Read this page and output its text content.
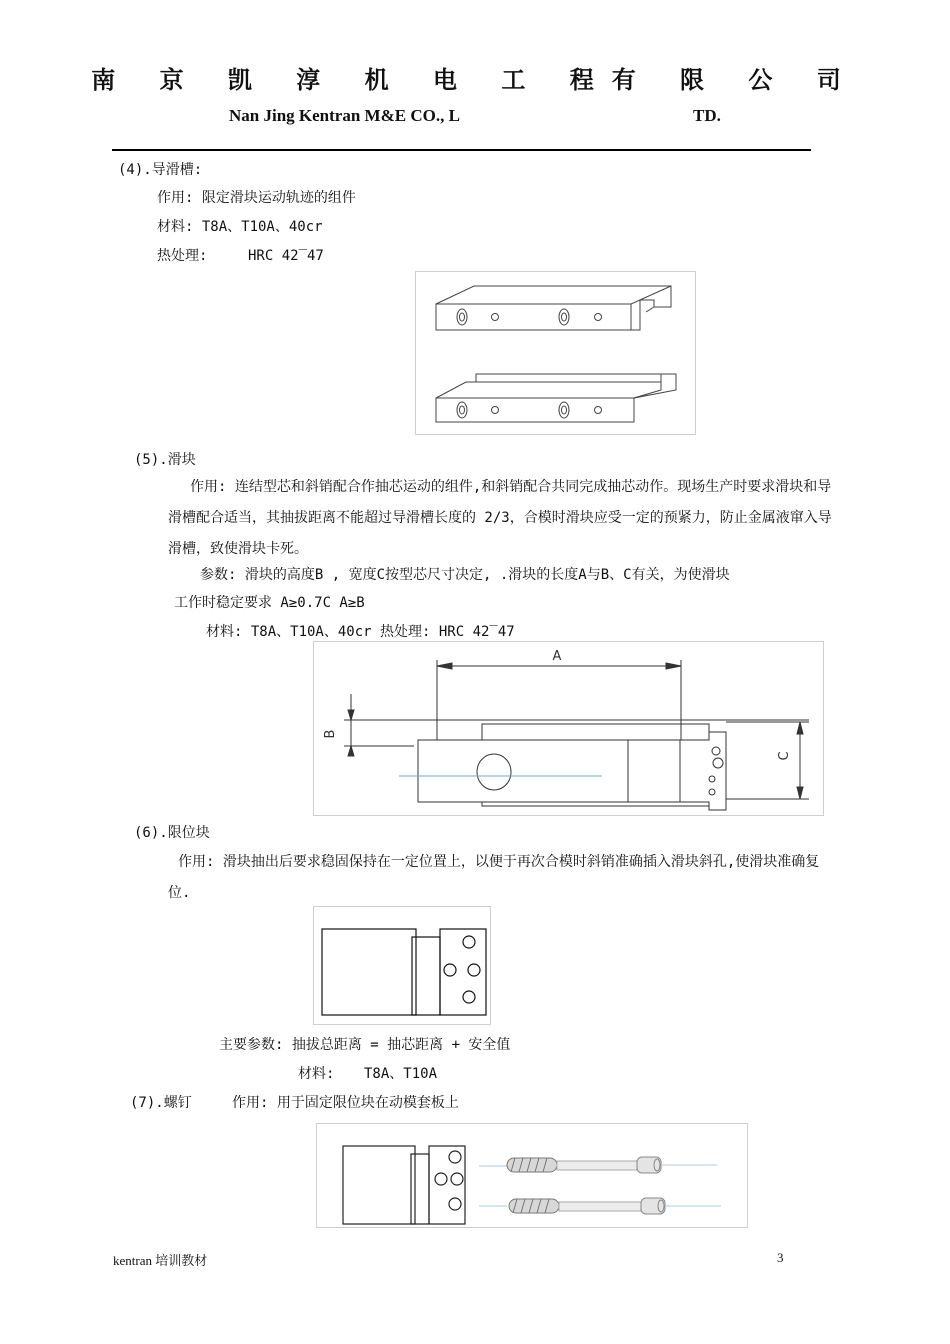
南 京 凯 淳 机 电 工 程有 限 公 司
Nan Jing Kentran M&E CO., L	TD.
(4).导滑槽:
作用: 限定滑块运动轨迹的组件
材料: T8A、T10A、40cr
热处理:	HRC 42‾47
(5).滑块
作用: 连结型芯和斜销配合作抽芯运动的组件,和斜销配合共同完成抽芯动作。现场生产时要求滑块和导滑槽配合适当，其抽拔距离不能超过导滑槽长度的 2/3，合模时滑块应受一定的预紧力，防止金属液窜入导滑槽，致使滑块卡死。
参数: 滑块的高度B , 宽度C按型芯尺寸决定, .滑块的长度A与B、C有关，为使滑块
工作时稳定要求 A≥0.7C A≥B
材料: T8A、T10A、40cr 热处理: HRC 42‾47
A
B
C
(6).限位块
作用: 滑块抽出后要求稳固保持在一定位置上，以便于再次合模时斜销准确插入滑块斜孔,使滑块准确复位.
主要参数: 抽拔总距离 = 抽芯距离 + 安全值
材料: T8A、T10A
(7).螺钉	作用: 用于固定限位块在动模套板上
kentran 培训教材	3
